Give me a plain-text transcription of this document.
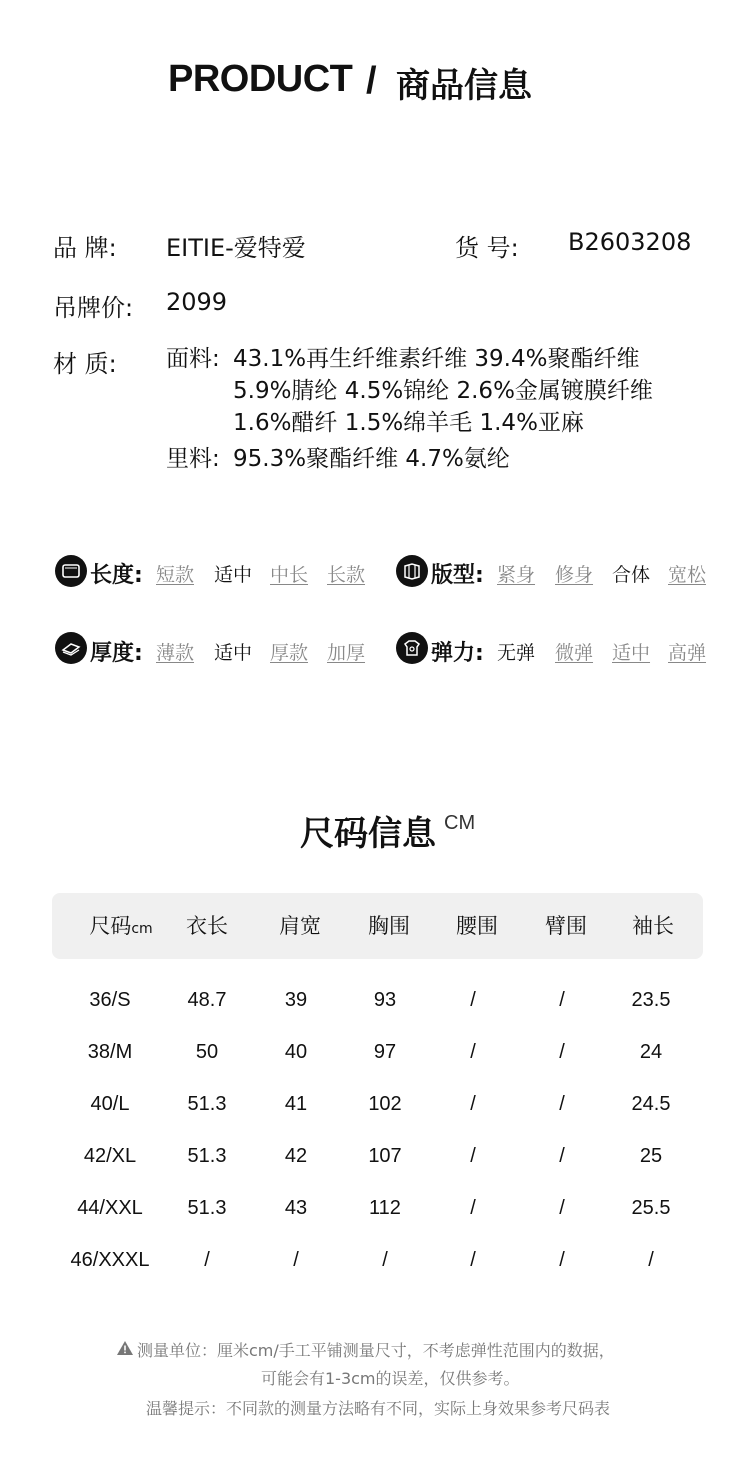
PRODUCT / 商品信息
品 牌: EITIE-爱特爱	货 号: B2603208
吊牌价: 2099
材 质: 面料: 43.1%再生纤维素纤维 39.4%聚酯纤维
5.9%腈纶 4.5%锦纶 2.6%金属镀膜纤维
1.6%醋纤 1.5%绵羊毛 1.4%亚麻
里料: 95.3%聚酯纤维 4.7%氨纶
长度: 短款 适中 中长 长款	版型: 紧身 修身 合体 宽松
厚度: 薄款 适中 厚款 加厚	弹力: 无弹 微弹 适中 高弹
尺码信息 CM
尺码cm	衣长	肩宽	胸围	腰围	臂围	袖长
36/S	48.7	39	93	/	/	23.5
38/M	50	40	97	/	/	24
40/L	51.3	41	102	/	/	24.5
42/XL	51.3	42	107	/	/	25
44/XXL	51.3	43	112	/	/	25.5
46/XXXL	/	/	/	/	/	/
测量单位：厘米cm/手工平铺测量尺寸，不考虑弹性范围内的数据，
可能会有1-3cm的误差，仅供参考。
温馨提示：不同款的测量方法略有不同，实际上身效果参考尺码表
